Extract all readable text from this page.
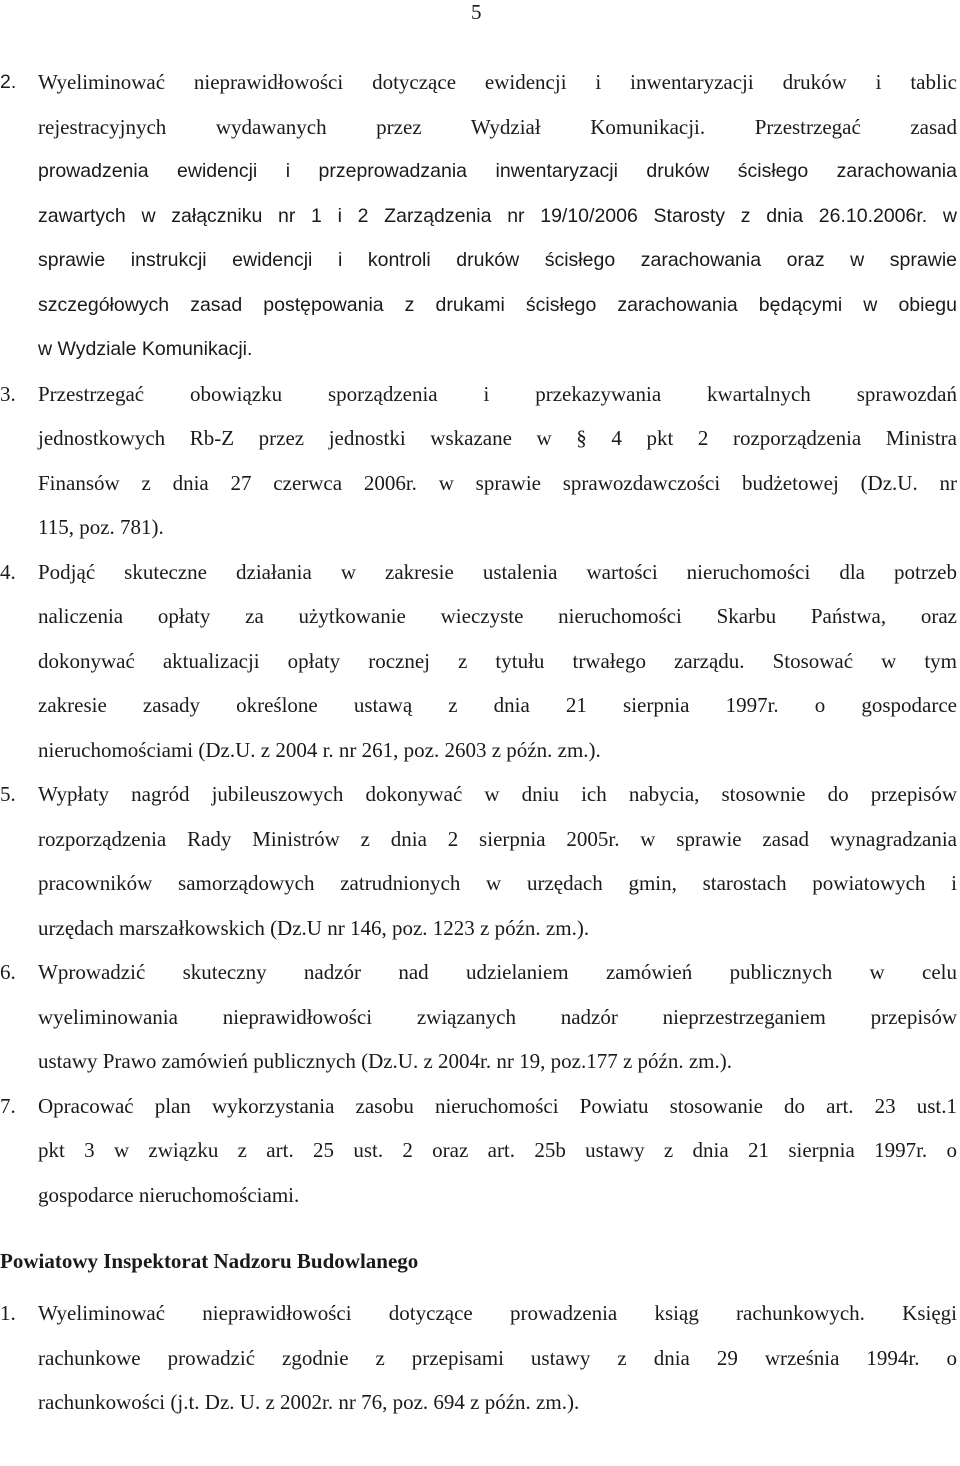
5
2. Wyeliminować nieprawidłowości dotyczące ewidencji i inwentaryzacji druków i tablic
rejestracyjnych wydawanych przez Wydział Komunikacji. Przestrzegać zasad
prowadzenia ewidencji i przeprowadzania inwentaryzacji druków ścisłego zarachowania
zawartych w załączniku nr 1 i 2 Zarządzenia nr 19/10/2006 Starosty z dnia 26.10.2006r. w
sprawie instrukcji ewidencji i kontroli druków ścisłego zarachowania oraz w sprawie
szczegółowych zasad postępowania z drukami ścisłego zarachowania będącymi w obiegu
w Wydziale Komunikacji.
3. Przestrzegać obowiązku sporządzenia i przekazywania kwartalnych sprawozdań
jednostkowych Rb-Z przez jednostki wskazane w § 4 pkt 2 rozporządzenia Ministra
Finansów z dnia 27 czerwca 2006r. w sprawie sprawozdawczości budżetowej (Dz.U. nr
115, poz. 781).
4. Podjąć skuteczne działania w zakresie ustalenia wartości nieruchomości dla potrzeb
naliczenia opłaty za użytkowanie wieczyste nieruchomości Skarbu Państwa, oraz
dokonywać aktualizacji opłaty rocznej z tytułu trwałego zarządu. Stosować w tym
zakresie zasady określone ustawą z dnia 21 sierpnia 1997r. o gospodarce
nieruchomościami (Dz.U. z 2004 r. nr 261, poz. 2603 z późn. zm.).
5. Wypłaty nagród jubileuszowych dokonywać w dniu ich nabycia, stosownie do przepisów
rozporządzenia Rady Ministrów z dnia 2 sierpnia 2005r. w sprawie zasad wynagradzania
pracowników samorządowych zatrudnionych w urzędach gmin, starostach powiatowych i
urzędach marszałkowskich (Dz.U nr 146, poz. 1223 z późn. zm.).
6. Wprowadzić skuteczny nadzór nad udzielaniem zamówień publicznych w celu
wyeliminowania nieprawidłowości związanych nadzór nieprzestrzeganiem przepisów
ustawy Prawo zamówień publicznych (Dz.U. z 2004r. nr 19, poz.177 z późn. zm.).
7. Opracować plan wykorzystania zasobu nieruchomości Powiatu stosowanie do art. 23 ust.1
pkt 3 w związku z art. 25 ust. 2 oraz art. 25b ustawy z dnia 21 sierpnia 1997r. o
gospodarce nieruchomościami.
Powiatowy Inspektorat Nadzoru Budowlanego
1. Wyeliminować nieprawidłowości dotyczące prowadzenia ksiąg rachunkowych. Księgi
rachunkowe prowadzić zgodnie z przepisami ustawy z dnia 29 września 1994r. o
rachunkowości (j.t. Dz. U. z 2002r. nr 76, poz. 694 z późn. zm.).
